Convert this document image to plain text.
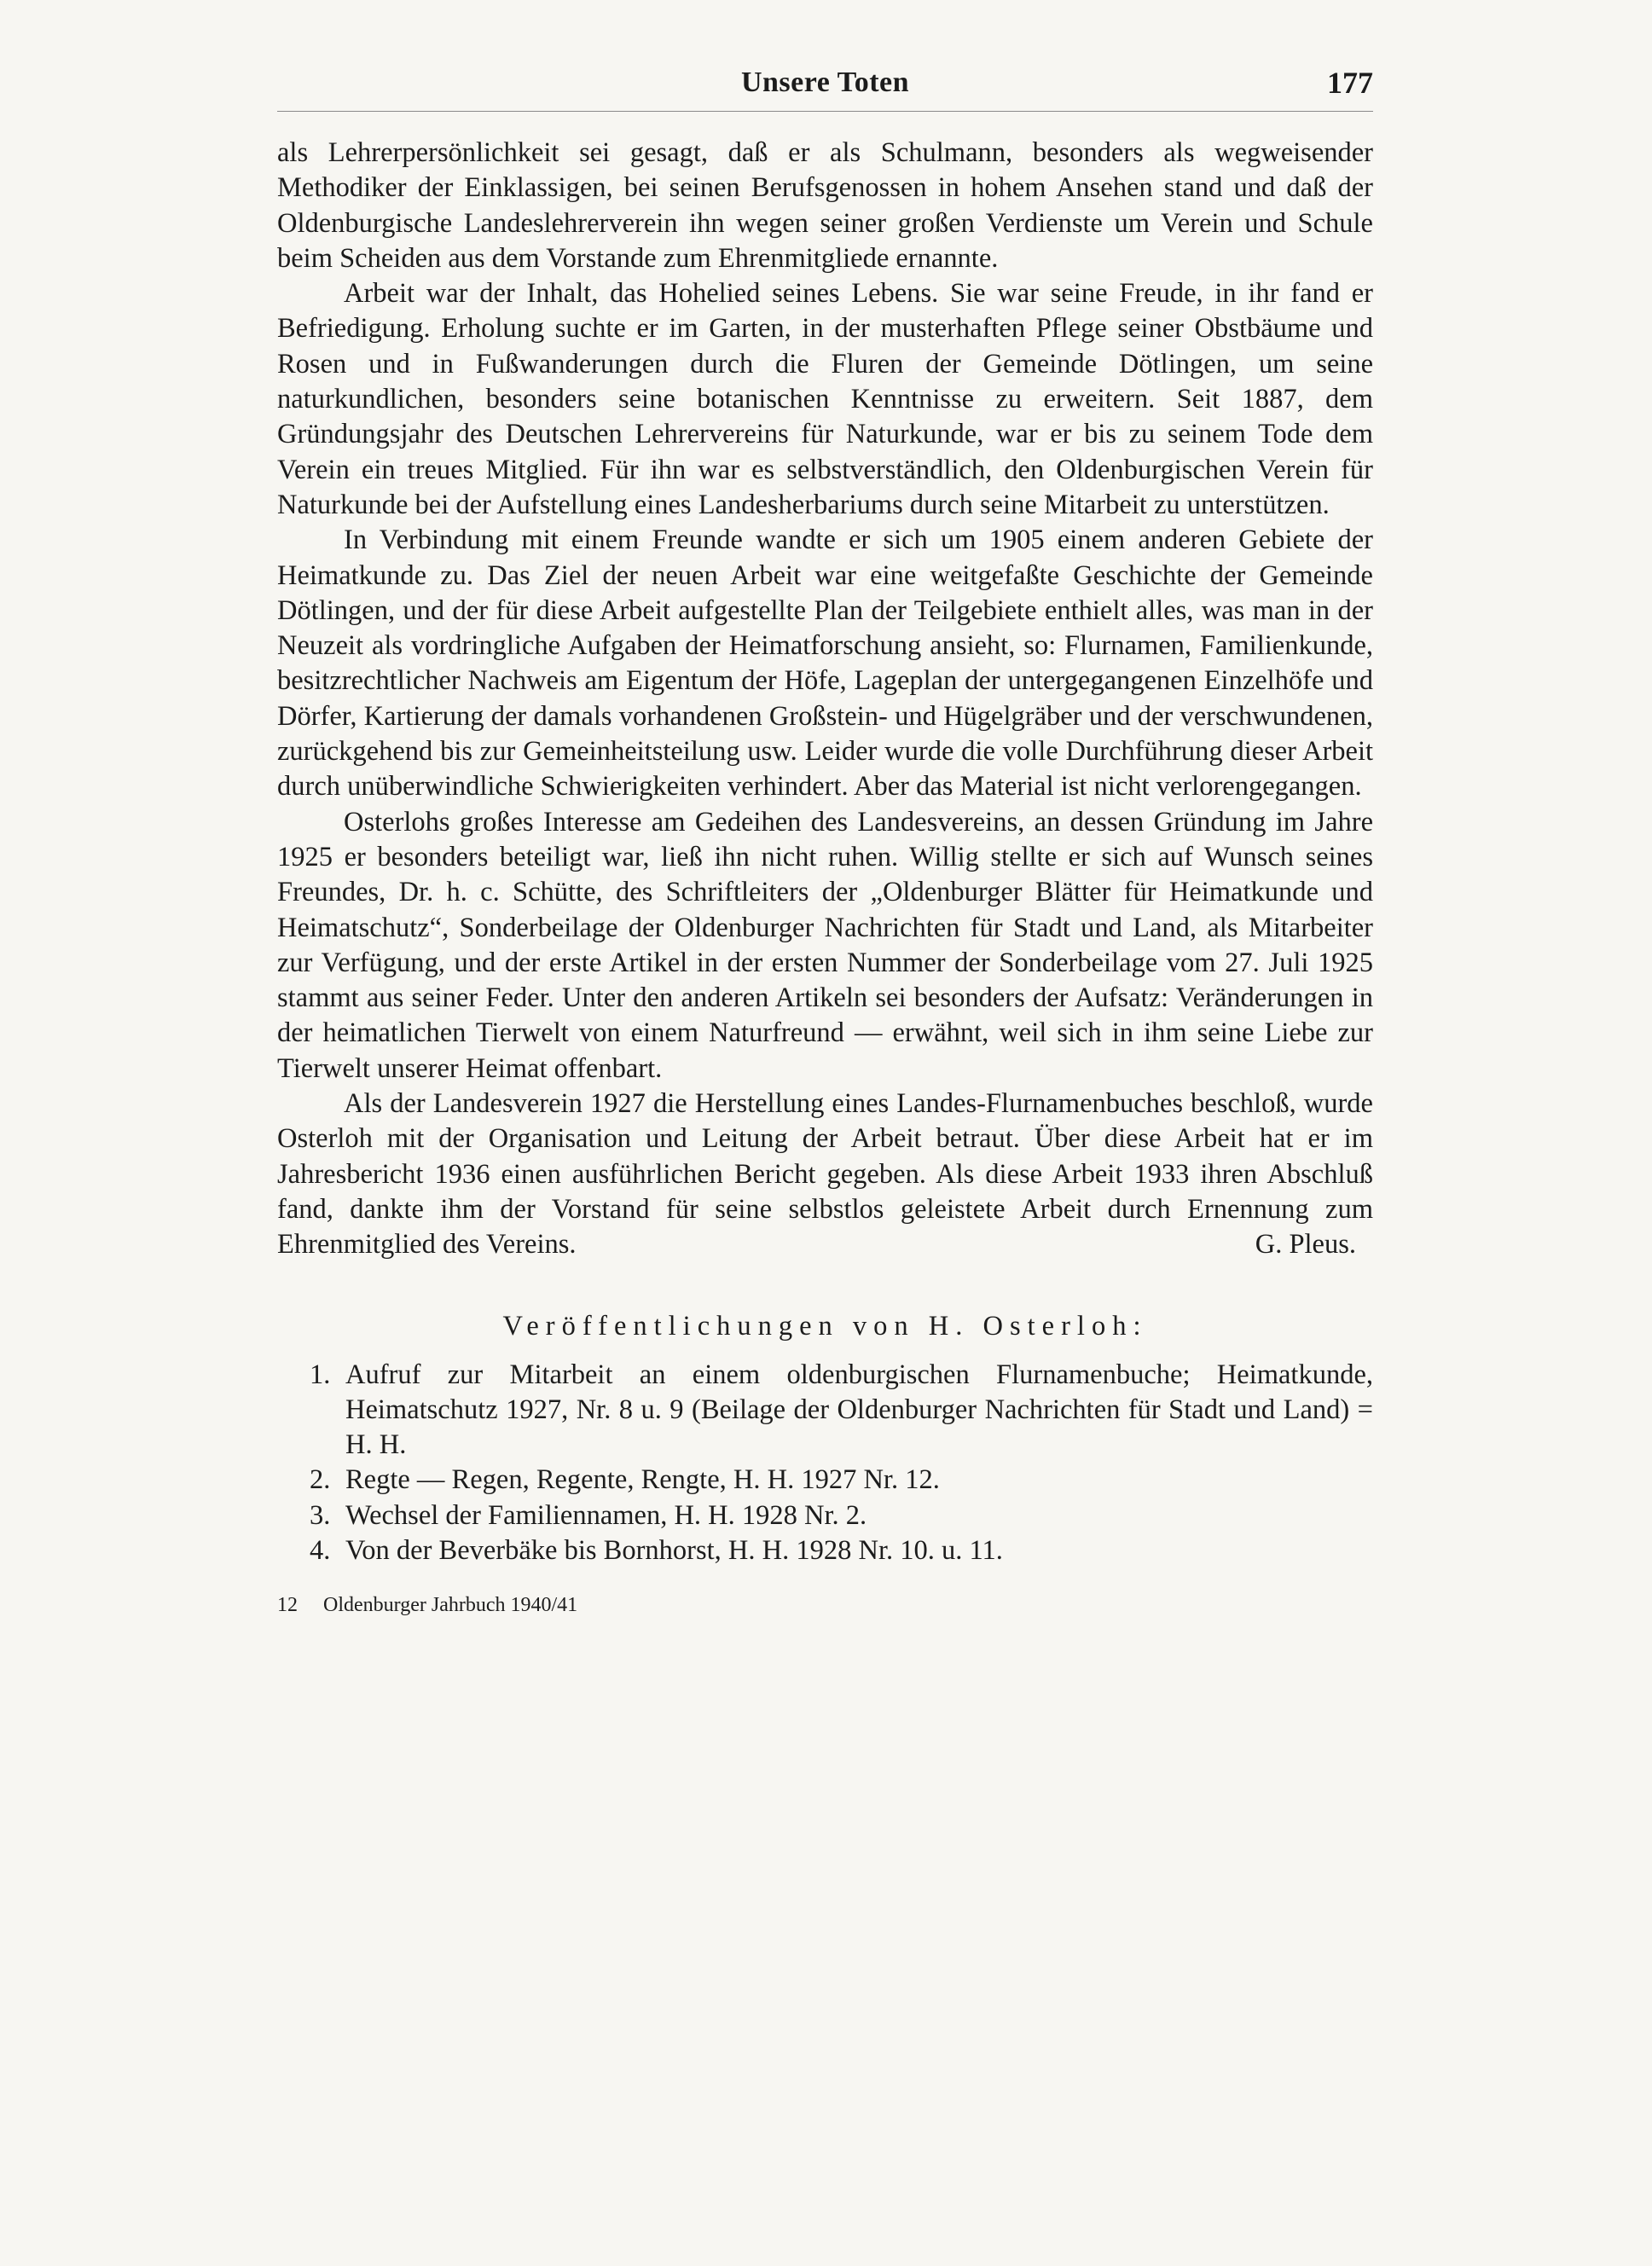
Unsere Toten	177

als Lehrerpersönlichkeit sei gesagt, daß er als Schulmann, besonders als wegweisender Methodiker der Einklassigen, bei seinen Berufsgenossen in hohem Ansehen stand und daß der Oldenburgische Landeslehrerverein ihn wegen seiner großen Verdienste um Verein und Schule beim Scheiden aus dem Vorstande zum Ehrenmitgliede ernannte.

Arbeit war der Inhalt, das Hohelied seines Lebens. Sie war seine Freude, in ihr fand er Befriedigung. Erholung suchte er im Garten, in der musterhaften Pflege seiner Obstbäume und Rosen und in Fußwanderungen durch die Fluren der Gemeinde Dötlingen, um seine naturkundlichen, besonders seine botanischen Kenntnisse zu erweitern. Seit 1887, dem Gründungsjahr des Deutschen Lehrervereins für Naturkunde, war er bis zu seinem Tode dem Verein ein treues Mitglied. Für ihn war es selbstverständlich, den Oldenburgischen Verein für Naturkunde bei der Aufstellung eines Landesherbariums durch seine Mitarbeit zu unterstützen.

In Verbindung mit einem Freunde wandte er sich um 1905 einem anderen Gebiete der Heimatkunde zu. Das Ziel der neuen Arbeit war eine weitgefaßte Geschichte der Gemeinde Dötlingen, und der für diese Arbeit aufgestellte Plan der Teilgebiete enthielt alles, was man in der Neuzeit als vordringliche Aufgaben der Heimatforschung ansieht, so: Flurnamen, Familienkunde, besitzrechtlicher Nachweis am Eigentum der Höfe, Lageplan der untergegangenen Einzelhöfe und Dörfer, Kartierung der damals vorhandenen Großstein- und Hügelgräber und der verschwundenen, zurückgehend bis zur Gemeinheitsteilung usw. Leider wurde die volle Durchführung dieser Arbeit durch unüberwindliche Schwierigkeiten verhindert. Aber das Material ist nicht verlorengegangen.

Osterlohs großes Interesse am Gedeihen des Landesvereins, an dessen Gründung im Jahre 1925 er besonders beteiligt war, ließ ihn nicht ruhen. Willig stellte er sich auf Wunsch seines Freundes, Dr. h. c. Schütte, des Schriftleiters der „Oldenburger Blätter für Heimatkunde und Heimatschutz“, Sonderbeilage der Oldenburger Nachrichten für Stadt und Land, als Mitarbeiter zur Verfügung, und der erste Artikel in der ersten Nummer der Sonderbeilage vom 27. Juli 1925 stammt aus seiner Feder. Unter den anderen Artikeln sei besonders der Aufsatz: Veränderungen in der heimatlichen Tierwelt von einem Naturfreund — erwähnt, weil sich in ihm seine Liebe zur Tierwelt unserer Heimat offenbart.

Als der Landesverein 1927 die Herstellung eines Landes-Flurnamenbuches beschloß, wurde Osterloh mit der Organisation und Leitung der Arbeit betraut. Über diese Arbeit hat er im Jahresbericht 1936 einen ausführlichen Bericht gegeben. Als diese Arbeit 1933 ihren Abschluß fand, dankte ihm der Vorstand für seine selbstlos geleistete Arbeit durch Ernennung zum Ehrenmitglied des Vereins.	G. Pleus.

Veröffentlichungen von H. Osterloh:
1. Aufruf zur Mitarbeit an einem oldenburgischen Flurnamenbuche; Heimatkunde, Heimatschutz 1927, Nr. 8 u. 9 (Beilage der Oldenburger Nachrichten für Stadt und Land) = H. H.
2. Regte — Regen, Regente, Rengte, H. H. 1927 Nr. 12.
3. Wechsel der Familiennamen, H. H. 1928 Nr. 2.
4. Von der Beverbäke bis Bornhorst, H. H. 1928 Nr. 10. u. 11.
12 Oldenburger Jahrbuch 1940/41
